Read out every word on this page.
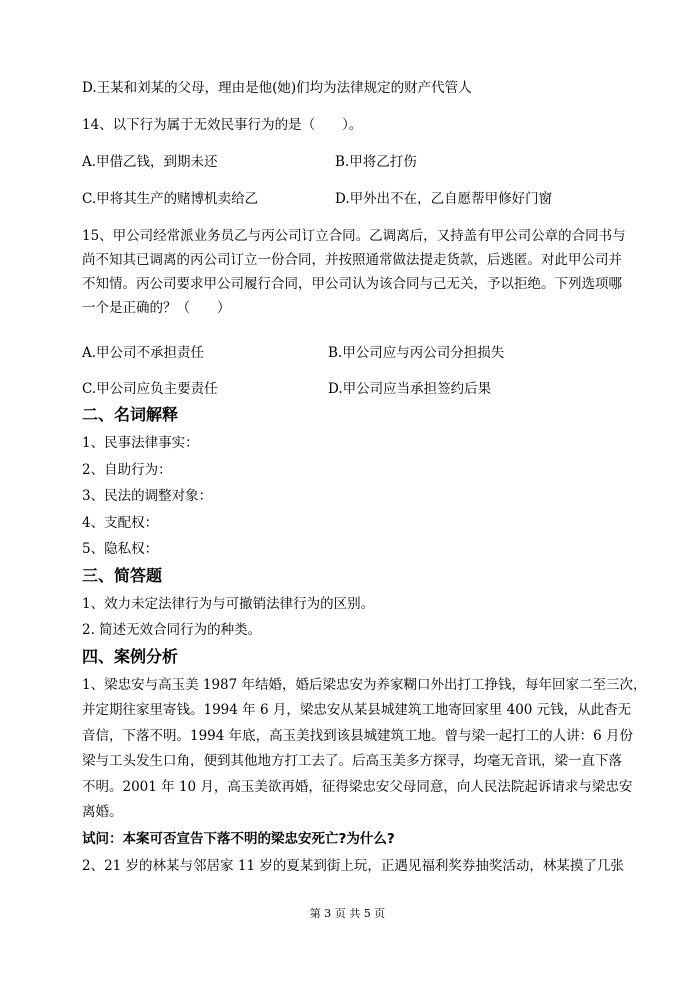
D.王某和刘某的父母，理由是他(她)们均为法律规定的财产代管人
14、以下行为属于无效民事行为的是（　　）。
A.甲借乙钱，到期未还	B.甲将乙打伤
C.甲将其生产的赌博机卖给乙	D.甲外出不在，乙自愿帮甲修好门窗
15、甲公司经常派业务员乙与丙公司订立合同。乙调离后，又持盖有甲公司公章的合同书与
尚不知其已调离的丙公司订立一份合同，并按照通常做法提走货款，后逃匿。对此甲公司并
不知情。丙公司要求甲公司履行合同，甲公司认为该合同与己无关，予以拒绝。下列选项哪
一个是正确的？（　　）
A.甲公司不承担责任	B.甲公司应与丙公司分担损失
C.甲公司应负主要责任	D.甲公司应当承担签约后果
二、名词解释
1、民事法律事实：
2、自助行为：
3、民法的调整对象：
4、支配权：
5、隐私权：
三、简答题
1、效力未定法律行为与可撤销法律行为的区别。
2. 简述无效合同行为的种类。
四、案例分析
1、梁忠安与高玉美 1987 年结婚，婚后梁忠安为养家糊口外出打工挣钱，每年回家二至三次，
并定期往家里寄钱。1994 年 6 月，梁忠安从某县城建筑工地寄回家里 400 元钱，从此杳无
音信，下落不明。1994 年底，高玉美找到该县城建筑工地。曾与梁一起打工的人讲：6 月份
梁与工头发生口角，便到其他地方打工去了。后高玉美多方探寻，均毫无音讯，梁一直下落
不明。2001 年 10 月，高玉美欲再婚，征得梁忠安父母同意，向人民法院起诉请求与梁忠安
离婚。
试问：本案可否宣告下落不明的梁忠安死亡?为什么?
2、21 岁的林某与邻居家 11 岁的夏某到街上玩，正遇见福利奖券抽奖活动，林某摸了几张
第 3 页 共 5 页
